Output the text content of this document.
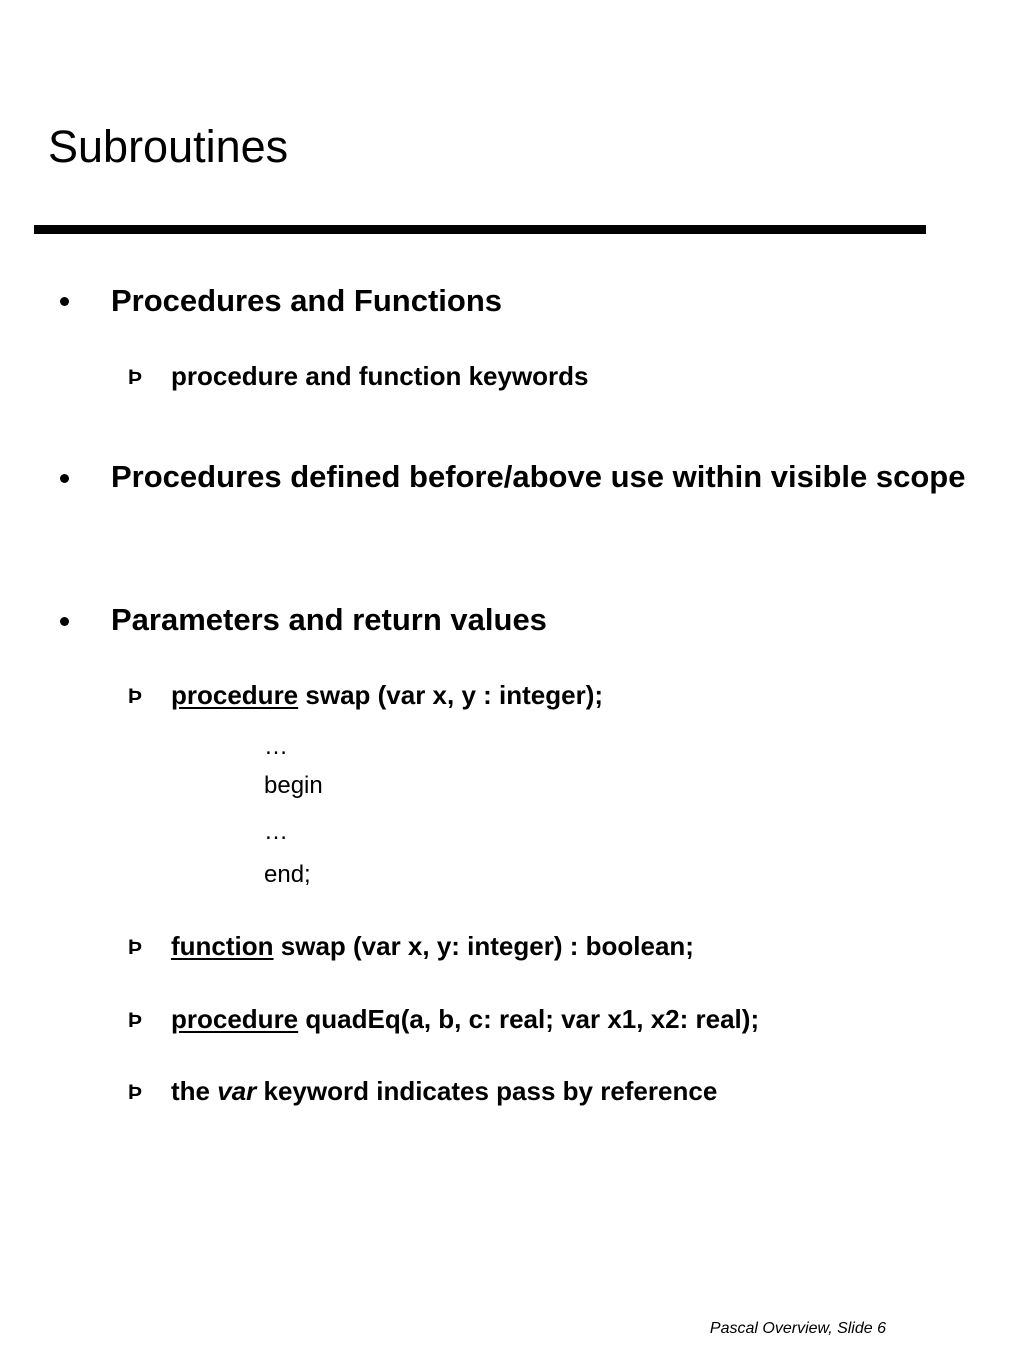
Subroutines

Procedures and Functions

Þ procedure and function keywords

Procedures defined before/above use within visible scope

Parameters and return values

Þ procedure swap (var x, y : integer);

…

begin

…

end;

Þ function swap (var x, y: integer) : boolean;

Þ procedure quadEq(a, b, c: real; var x1, x2: real);

Þ the var keyword indicates pass by reference

Pascal Overview, Slide 6
